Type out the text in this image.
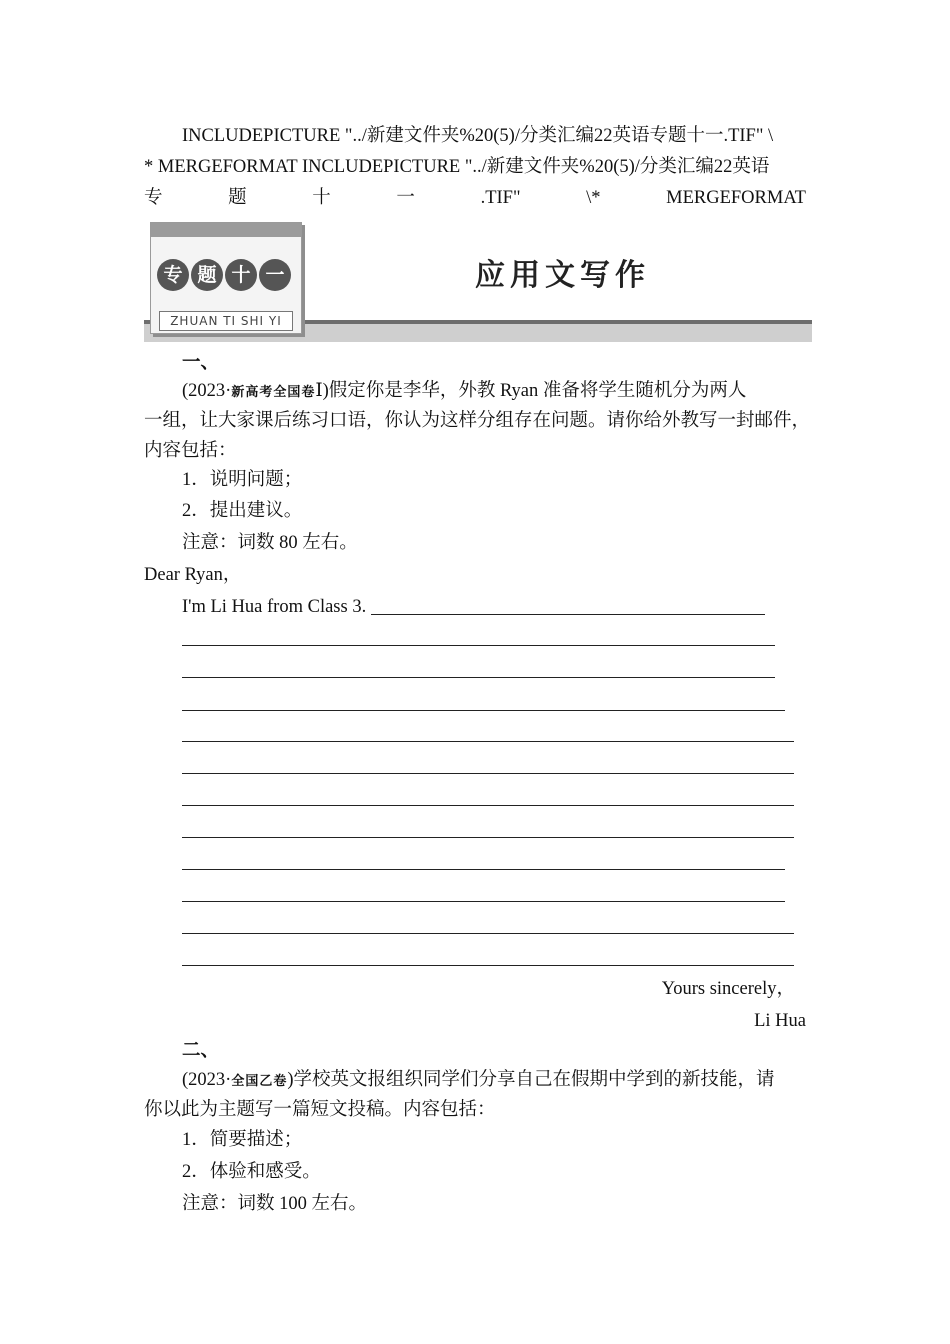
INCLUDEPICTURE "../新建文件夹%20(5)/分类汇编22英语专题十一.TIF" \
* MERGEFORMAT INCLUDEPICTURE "../新建文件夹%20(5)/分类汇编22英语
专	题	十	一	.TIF"	\*	MERGEFORMAT
专 题 十 一
ZHUAN TI SHI YI
应用文写作
一、
(2023·新高考全国卷Ⅰ)假定你是李华，外教 Ryan 准备将学生随机分为两人
一组，让大家课后练习口语，你认为这样分组存在问题。请你给外教写一封邮件，
内容包括：
1．说明问题；
2．提出建议。
注意：词数 80 左右。
Dear Ryan，
I'm Li Hua from Class 3.
Yours sincerely，
Li Hua
二、
(2023·全国乙卷)学校英文报组织同学们分享自己在假期中学到的新技能，请
你以此为主题写一篇短文投稿。内容包括：
1．简要描述；
2．体验和感受。
注意：词数 100 左右。
